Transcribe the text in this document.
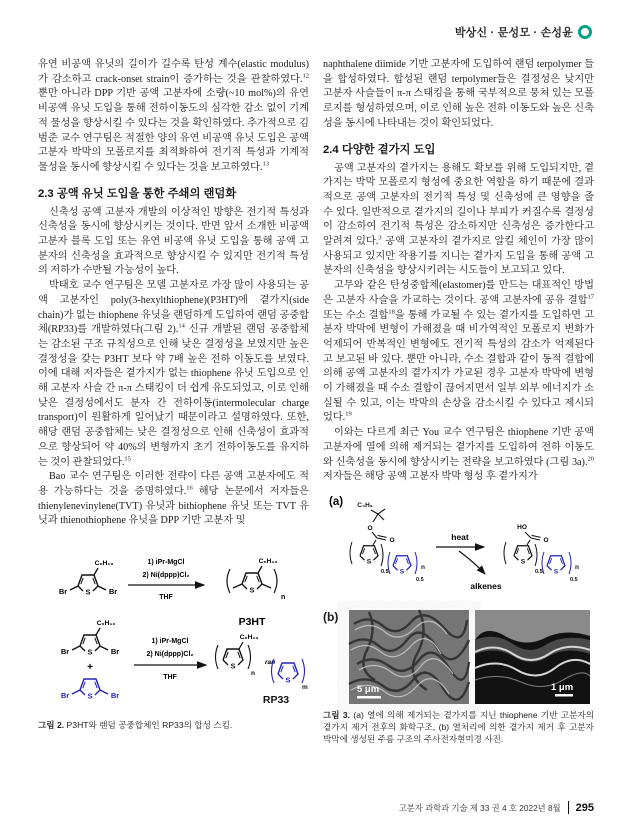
박상신 · 문성모 · 손성윤

유연 비공액 유닛의 길이가 길수록 탄성 계수(elastic modulus)가 감소하고 crack-onset strain이 증가하는 것을 관찰하였다.$^{12}$ 뿐만 아니라 DPP 기반 공액 고분자에 소량(~10 mol%)의 유연 비공액 유닛 도입을 통해 전하이동도의 심각한 감소 없이 기계적 물성을 향상시킬 수 있다는 것을 확인하였다. 추가적으로 김범준 교수 연구팀은 적절한 양의 유연 비공액 유닛 도입은 공액 고분자 박막의 모폴로지를 최적화하여 전기적 특성과 기계적 물성을 동시에 향상시킬 수 있다는 것을 보고하였다.$^{13}$

2.3 공액 유닛 도입을 통한 주쇄의 랜덤화

신축성 공액 고분자 개발의 이상적인 방향은 전기적 특성과 신축성을 동시에 향상시키는 것이다. 반면 앞서 소개한 비공액 고분자 블록 도입 또는 유연 비공액 유닛 도입을 통해 공액 고분자의 신축성을 효과적으로 향상시킬 수 있지만 전기적 특성의 저하가 수반될 가능성이 높다.

박태호 교수 연구팀은 모델 고분자로 가장 많이 사용되는 공액 고분자인 poly(3-hexylthiophene)(P3HT)에 곁가지(side chain)가 없는 thiophene 유닛을 랜덤하게 도입하여 랜덤 공중합체(RP33)를 개발하였다(그림 2).$^{14}$ 신규 개발된 랜덤 공중합체는 감소된 구조 규칙성으로 인해 낮은 결정성을 보였지만 높은 결정성을 갖는 P3HT 보다 약 7배 높은 전하 이동도를 보였다. 이에 대해 저자들은 곁가지가 없는 thiophene 유닛 도입으로 인해 고분자 사슬 간 π-π 스태킹이 더 쉽게 유도되었고, 이로 인해 낮은 결정성에서도 분자 간 전하이동(intermolecular charge transport)이 원활하게 일어났기 때문이라고 설명하였다. 또한, 해당 랜덤 공중합체는 낮은 결정성으로 인해 신축성이 효과적으로 향상되어 약 40%의 변형까지 초기 전하이동도를 유지하는 것이 관찰되었다.$^{15}$

Bao 교수 연구팀은 이러한 전략이 다른 공액 고분자에도 적용 가능하다는 것을 증명하였다.$^{16}$ 해당 논문에서 저자들은 thienylenevinylene(TVT) 유닛과 bithiophene 유닛 또는 TVT 유닛과 thienothiophene 유닛을 DPP 기반 고분자 및

S
Br	Br
C₆H₁₃	1) iPr-MgCl
2) Ni(dppp)Cl₂
THF
C₆H₁₃
n
P3HT
Br	Br
C₆H₁₃
+
Br	Br
1) iPr-MgCl
2) Ni(dppp)Cl₂
THF
C₆H₁₃
n
ran
m
RP33
그림 2. P3HT와 랜덤 공중합체인 RP33의 합성 스킴.

naphthalene diimide 기반 고분자에 도입하여 랜덤 terpolymer 들을 합성하였다. 합성된 랜덤 terpolymer들은 결정성은 낮지만 고분자 사슬들이 π-π 스태킹을 통해 국부적으로 뭉쳐 있는 모폴로지를 형성하였으며, 이로 인해 높은 전하 이동도와 높은 신축성을 동시에 나타내는 것이 확인되었다.

2.4 다양한 곁가지 도입

공액 고분자의 곁가지는 용해도 확보를 위해 도입되지만, 곁가지는 박막 모폴로지 형성에 중요한 역할을 하기 때문에 결과적으로 공액 고분자의 전기적 특성 및 신축성에 큰 영향을 줄 수 있다. 일반적으로 곁가지의 길이나 부피가 커질수록 결정성이 감소하여 전기적 특성은 감소하지만 신축성은 증가한다고 알려져 있다.$^3$ 공액 고분자의 곁가지로 알킬 체인이 가장 많이 사용되고 있지만 작용기를 지니는 곁가지 도입을 통해 공액 고분자의 신축성을 향상시키려는 시도들이 보고되고 있다.

고무와 같은 탄성중합체(elastomer)를 만드는 대표적인 방법은 고분자 사슬을 가교하는 것이다. 공액 고분자에 공유 결합$^{17}$ 또는 수소 결합$^{18}$을 통해 가교될 수 있는 곁가지를 도입하면 고분자 박막에 변형이 가해졌을 때 비가역적인 모폴로지 변화가 억제되어 반복적인 변형에도 전기적 특성의 감소가 억제된다고 보고된 바 있다. 뿐만 아니라, 수소 결합과 같이 동적 결합에 의해 공액 고분자의 곁가지가 가교된 경우 고분자 박막에 변형이 가해졌을 때 수소 결합이 끊어지면서 일부 외부 에너지가 소실될 수 있고, 이는 박막의 손상을 감소시킬 수 있다고 제시되었다.$^{19}$

이와는 다르게 최근 You 교수 연구팀은 thiophene 기반 공액 고분자에 열에 의해 제거되는 곁가지를 도입하여 전하 이동도와 신축성을 동시에 향상시키는 전략을 보고하였다 (그림 3a).$^{20}$ 저자들은 해당 공액 고분자 박막 형성 후 곁가지가

(a) C₄H₉
O
O
0.5
0.5
n
heat
alkenes
HO
O
0.5
0.5
n
(b)
5 μm	1 μm
그림 3. (a) 열에 의해 제거되는 곁가지를 지닌 thiophene 기반 고분자의 곁가지 제거 전후의 화학구조, (b) 열처리에 의한 곁가지 제거 후 고분자 박막에 생성된 주름 구조의 주사전자현미경 사진.
고분자 과학과 기술 제 33 권 4 호 2022년 8월 295
